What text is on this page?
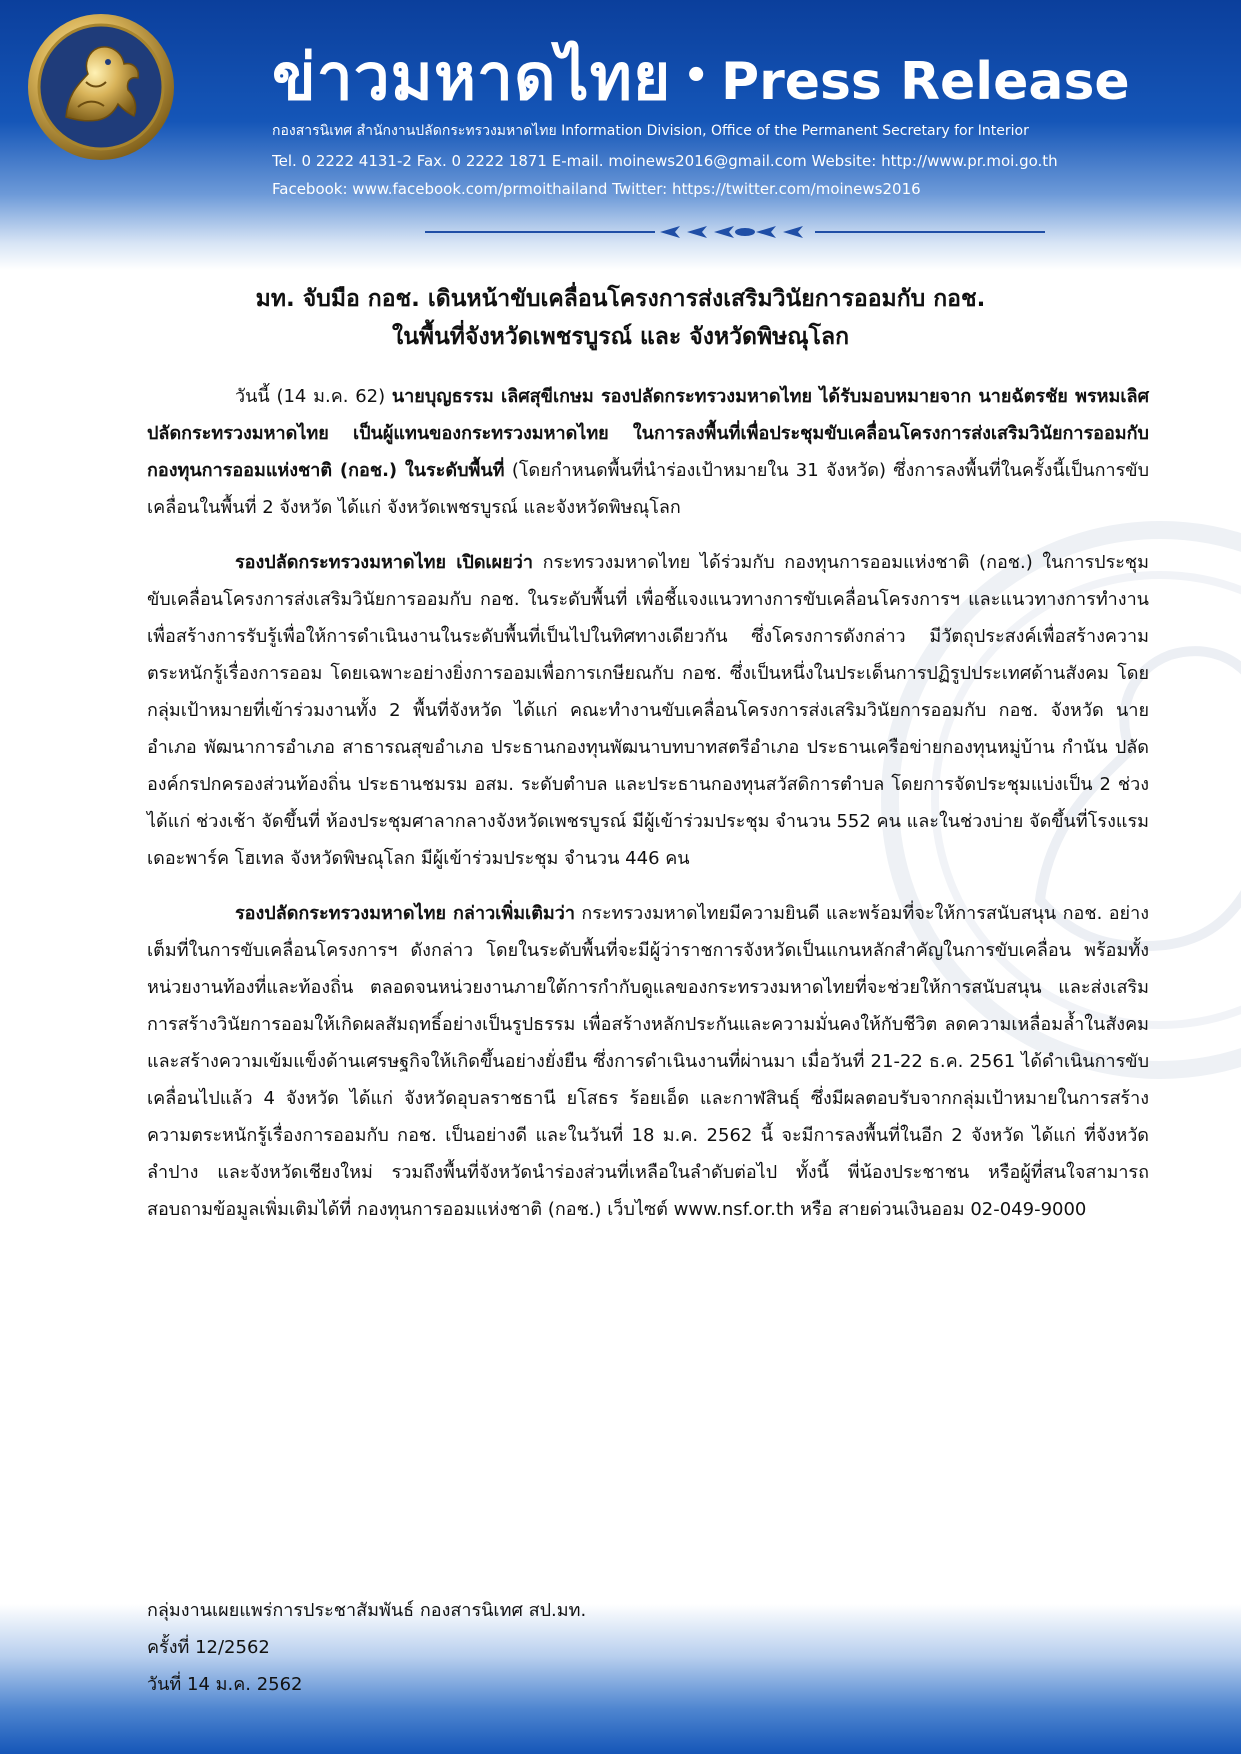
ข่าวมหาดไทย • Press Release
กองสารนิเทศ สำนักงานปลัดกระทรวงมหาดไทย Information Division, Office of the Permanent Secretary for Interior
Tel. 0 2222 4131-2 Fax. 0 2222 1871 E-mail. moinews2016@gmail.com Website: http://www.pr.moi.go.th
Facebook: www.facebook.com/prmoithailand Twitter: https://twitter.com/moinews2016
มท. จับมือ กอช. เดินหน้าขับเคลื่อนโครงการส่งเสริมวินัยการออมกับ กอช.
ในพื้นที่จังหวัดเพชรบูรณ์ และ จังหวัดพิษณุโลก

วันนี้ (14 ม.ค. 62) นายบุญธรรม เลิศสุขีเกษม รองปลัดกระทรวงมหาดไทย ได้รับมอบหมายจาก นายฉัตรชัย พรหมเลิศ ปลัดกระทรวงมหาดไทย เป็นผู้แทนของกระทรวงมหาดไทย ในการลงพื้นที่เพื่อประชุมขับเคลื่อนโครงการส่งเสริมวินัยการออมกับกองทุนการออมแห่งชาติ (กอช.) ในระดับพื้นที่ (โดยกำหนดพื้นที่นำร่องเป้าหมายใน 31 จังหวัด) ซึ่งการลงพื้นที่ในครั้งนี้เป็นการขับเคลื่อนในพื้นที่ 2 จังหวัด ได้แก่ จังหวัดเพชรบูรณ์ และจังหวัดพิษณุโลก

รองปลัดกระทรวงมหาดไทย เปิดเผยว่า กระทรวงมหาดไทย ได้ร่วมกับ กองทุนการออมแห่งชาติ (กอช.) ในการประชุมขับเคลื่อนโครงการส่งเสริมวินัยการออมกับ กอช. ในระดับพื้นที่ เพื่อชี้แจงแนวทางการขับเคลื่อนโครงการฯ และแนวทางการทำงาน เพื่อสร้างการรับรู้เพื่อให้การดำเนินงานในระดับพื้นที่เป็นไปในทิศทางเดียวกัน ซึ่งโครงการดังกล่าว มีวัตถุประสงค์เพื่อสร้างความตระหนักรู้เรื่องการออม โดยเฉพาะอย่างยิ่งการออมเพื่อการเกษียณกับ กอช. ซึ่งเป็นหนึ่งในประเด็นการปฏิรูปประเทศด้านสังคม โดยกลุ่มเป้าหมายที่เข้าร่วมงานทั้ง 2 พื้นที่จังหวัด ได้แก่ คณะทำงานขับเคลื่อนโครงการส่งเสริมวินัยการออมกับ กอช. จังหวัด นายอำเภอ พัฒนาการอำเภอ สาธารณสุขอำเภอ ประธานกองทุนพัฒนาบทบาทสตรีอำเภอ ประธานเครือข่ายกองทุนหมู่บ้าน กำนัน ปลัดองค์กรปกครองส่วนท้องถิ่น ประธานชมรม อสม. ระดับตำบล และประธานกองทุนสวัสดิการตำบล โดยการจัดประชุมแบ่งเป็น 2 ช่วง ได้แก่ ช่วงเช้า จัดขึ้นที่ ห้องประชุมศาลากลางจังหวัดเพชรบูรณ์ มีผู้เข้าร่วมประชุม จำนวน 552 คน และในช่วงบ่าย จัดขึ้นที่โรงแรมเดอะพาร์ค โฮเทล จังหวัดพิษณุโลก มีผู้เข้าร่วมประชุม จำนวน 446 คน

รองปลัดกระทรวงมหาดไทย กล่าวเพิ่มเติมว่า กระทรวงมหาดไทยมีความยินดี และพร้อมที่จะให้การสนับสนุน กอช. อย่างเต็มที่ในการขับเคลื่อนโครงการฯ ดังกล่าว โดยในระดับพื้นที่จะมีผู้ว่าราชการจังหวัดเป็นแกนหลักสำคัญในการขับเคลื่อน พร้อมทั้งหน่วยงานท้องที่และท้องถิ่น ตลอดจนหน่วยงานภายใต้การกำกับดูแลของกระทรวงมหาดไทยที่จะช่วยให้การสนับสนุน และส่งเสริมการสร้างวินัยการออมให้เกิดผลสัมฤทธิ์อย่างเป็นรูปธรรม เพื่อสร้างหลักประกันและความมั่นคงให้กับชีวิต ลดความเหลื่อมล้ำในสังคม และสร้างความเข้มแข็งด้านเศรษฐกิจให้เกิดขึ้นอย่างยั่งยืน ซึ่งการดำเนินงานที่ผ่านมา เมื่อวันที่ 21-22 ธ.ค. 2561 ได้ดำเนินการขับเคลื่อนไปแล้ว 4 จังหวัด ได้แก่ จังหวัดอุบลราชธานี ยโสธร ร้อยเอ็ด และกาฬสินธุ์ ซึ่งมีผลตอบรับจากกลุ่มเป้าหมายในการสร้างความตระหนักรู้เรื่องการออมกับ กอช. เป็นอย่างดี และในวันที่ 18 ม.ค. 2562 นี้ จะมีการลงพื้นที่ในอีก 2 จังหวัด ได้แก่ ที่จังหวัดลำปาง และจังหวัดเชียงใหม่ รวมถึงพื้นที่จังหวัดนำร่องส่วนที่เหลือในลำดับต่อไป ทั้งนี้ พี่น้องประชาชน หรือผู้ที่สนใจสามารถสอบถามข้อมูลเพิ่มเติมได้ที่ กองทุนการออมแห่งชาติ (กอช.) เว็บไซต์ www.nsf.or.th หรือ สายด่วนเงินออม 02-049-9000

กลุ่มงานเผยแพร่การประชาสัมพันธ์ กองสารนิเทศ สป.มท.
ครั้งที่ 12/2562
วันที่ 14 ม.ค. 2562
